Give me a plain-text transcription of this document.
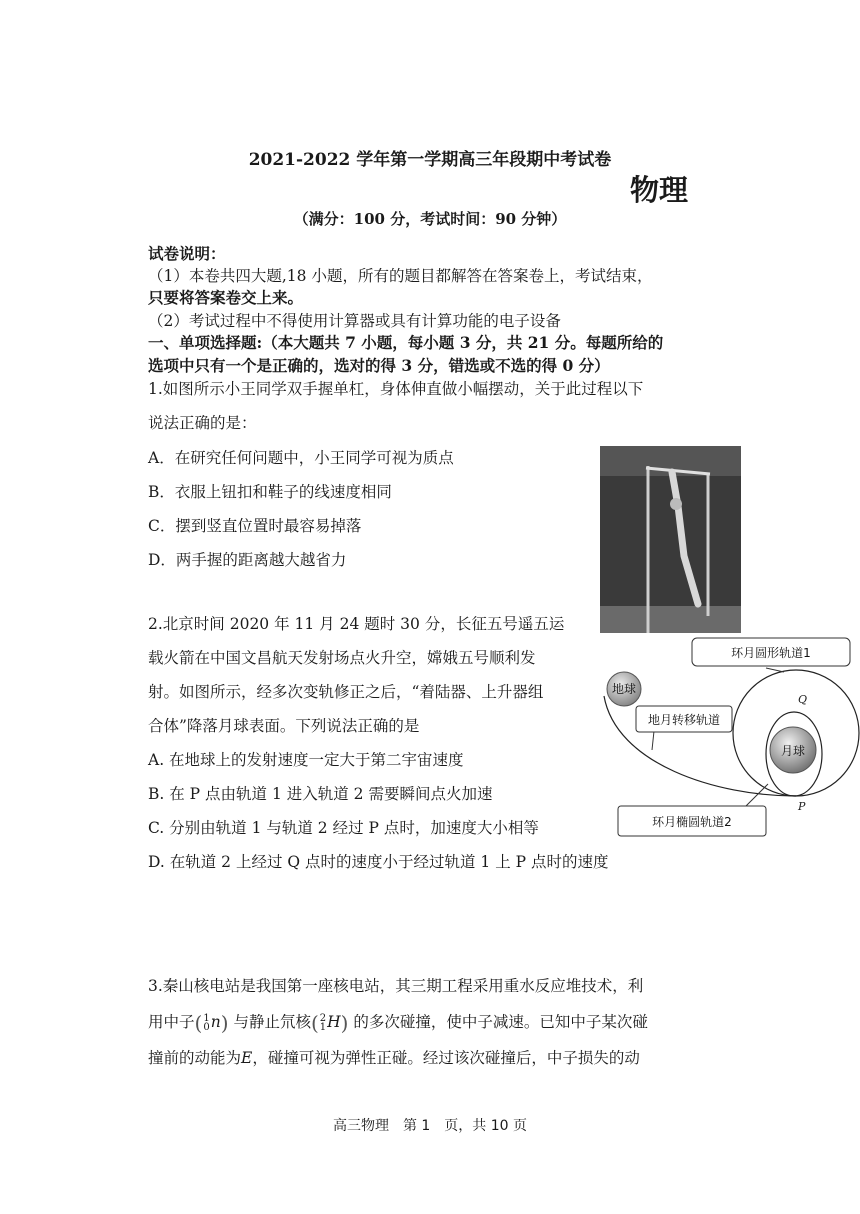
2021-2022 学年第一学期高三年段期中考试卷
物理
（满分：100 分，考试时间：90 分钟）
试卷说明：
（1）本卷共四大题,18 小题，所有的题目都解答在答案卷上，考试结束，
只要将答案卷交上来。
（2）考试过程中不得使用计算器或具有计算功能的电子设备
一、单项选择题:（本大题共 7 小题，每小题 3 分，共 21 分。每题所给的
选项中只有一个是正确的，选对的得 3 分，错选或不选的得 0 分）
1.如图所示小王同学双手握单杠，身体伸直做小幅摆动，关于此过程以下
说法正确的是：
A．在研究任何问题中，小王同学可视为质点
B．衣服上钮扣和鞋子的线速度相同
C．摆到竖直位置时最容易掉落
D．两手握的距离越大越省力
2.北京时间 2020 年 11 月 24 题时 30 分，长征五号遥五运
载火箭在中国文昌航天发射场点火升空，嫦娥五号顺利发
射。如图所示，经多次变轨修正之后，“着陆器、上升器组
合体”降落月球表面。下列说法正确的是
A. 在地球上的发射速度一定大于第二宇宙速度
B. 在 P 点由轨道 1 进入轨道 2 需要瞬间点火加速
C. 分别由轨道 1 与轨道 2 经过 P 点时，加速度大小相等
D. 在轨道 2 上经过 Q 点时的速度小于经过轨道 1 上 P 点时的速度
月球
地球
Q
P
环月圆形轨道1
地月转移轨道
环月椭圆轨道2
3.秦山核电站是我国第一座核电站，其三期工程采用重水反应堆技术，利
用中子(1
0n) 与静止氘核(2
1H) 的多次碰撞，使中子减速。已知中子某次碰
撞前的动能为E，碰撞可视为弹性正碰。经过该次碰撞后，中子损失的动
高三物理　第 1　页，共 10 页
